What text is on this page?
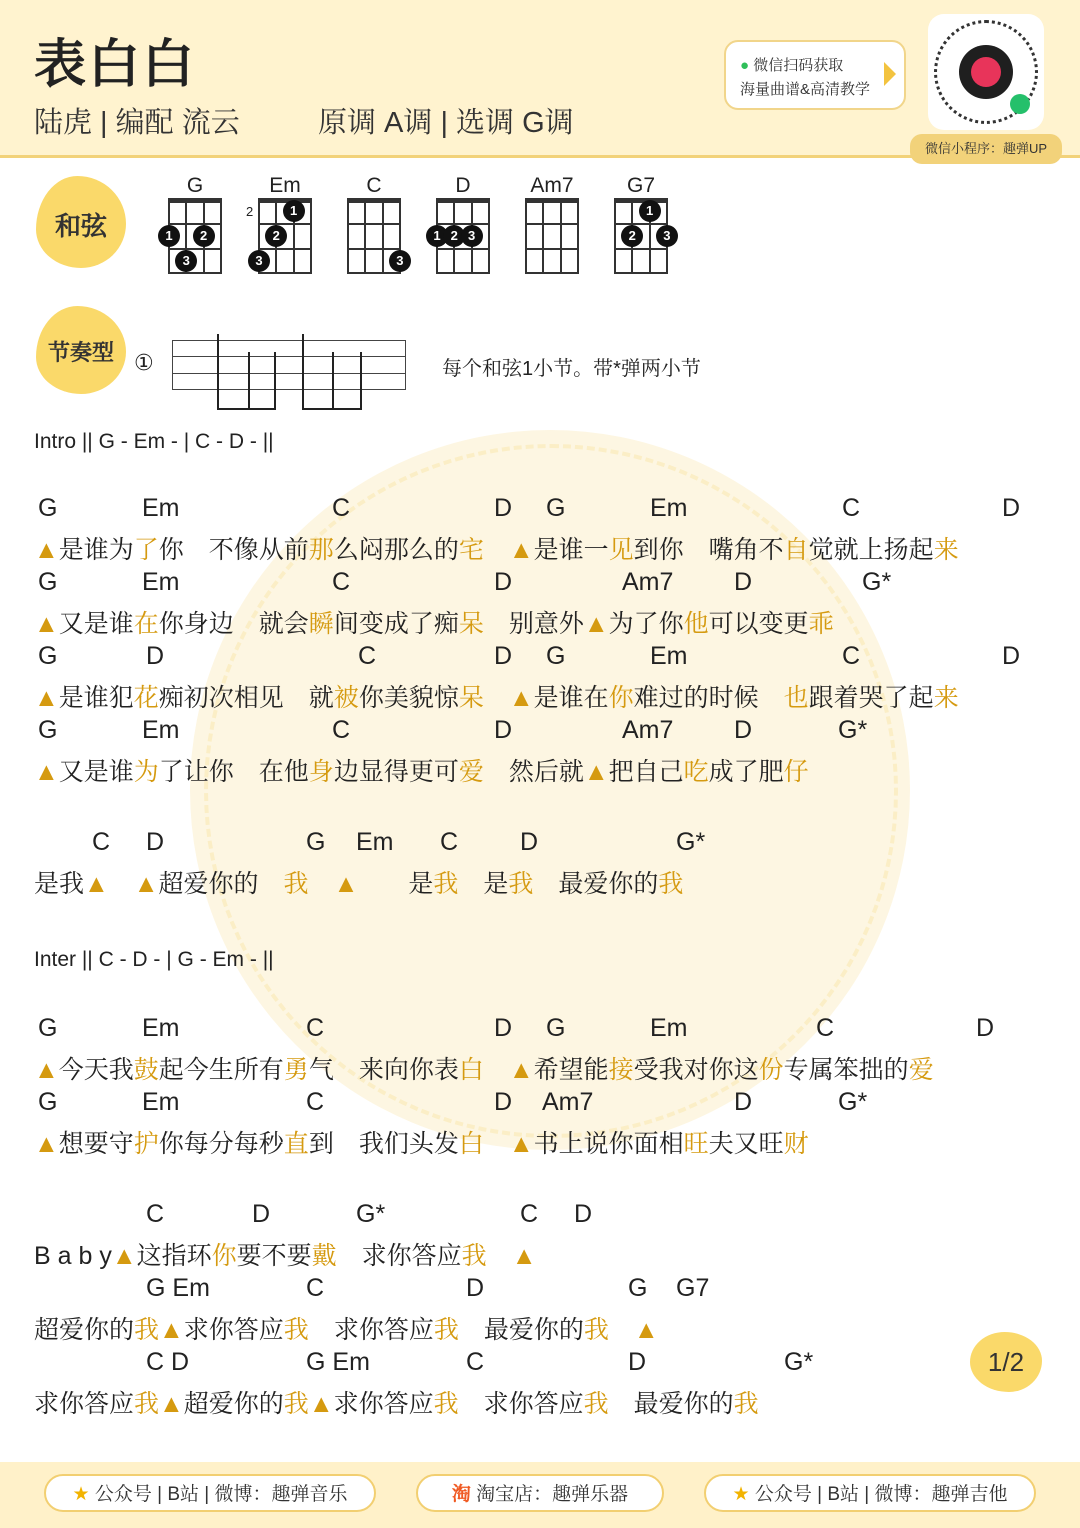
表白白
陆虎 | 编配 流云	原调 A调 | 选调 G调
● 微信扫码获取
海量曲谱&高清教学
微信小程序：趣弹UP
和弦
G
1	2
3
Em
1
2
3
2
C
3
D
1 2 3
Am7	G7
1
2	3
节奏型 ①	每个和弦1小节。带*弹两小节
Intro || G - Em - | C - D - ||
G	Em	C	D G	Em	C	D
▲是谁为了你　不像从前那么闷那么的宅　 ▲是谁一见到你　嘴角不自觉就上扬起来
G	Em	C	D	Am7 D	G*
▲又是谁在你身边　就会瞬间变成了痴呆　别意外▲为了你他可以变更乖
G	D	C	D G	Em	C	D
▲是谁犯花痴初次相见　就被你美貌惊呆　 ▲是谁在你难过的时候　也跟着哭了起来
G	Em	C	D	Am7 D	G*
▲又是谁为了让你　在他身边显得更可爱　然后就▲把自己吃成了肥仔
C D	G Em C D	G*
是我▲　 ▲超爱你的　我　 ▲　　是我　是我　最爱你的我
G	Em	C	D G	Em	C	D
▲今天我鼓起今生所有勇气　来向你表白　 ▲希望能接受我对你这份专属笨拙的爱
G	Em	C	D Am7	D	G*
▲想要守护你每分每秒直到　我们头发白　 ▲书上说你面相旺夫又旺财
C	D	G*	C D
B a b y▲这指环你要不要戴　求你答应我　 ▲
G Em	C	D	G G7
超爱你的我▲求你答应我　求你答应我　最爱你的我　 ▲
C D	G Em	C	D	G*
求你答应我▲超爱你的我▲求你答应我　求你答应我　最爱你的我
Inter || C - D - | G - Em - ||
1/2
★ 公众号 | B站 | 微博：趣弹音乐	淘 淘宝店：趣弹乐器	★ 公众号 | B站 | 微博：趣弹吉他
